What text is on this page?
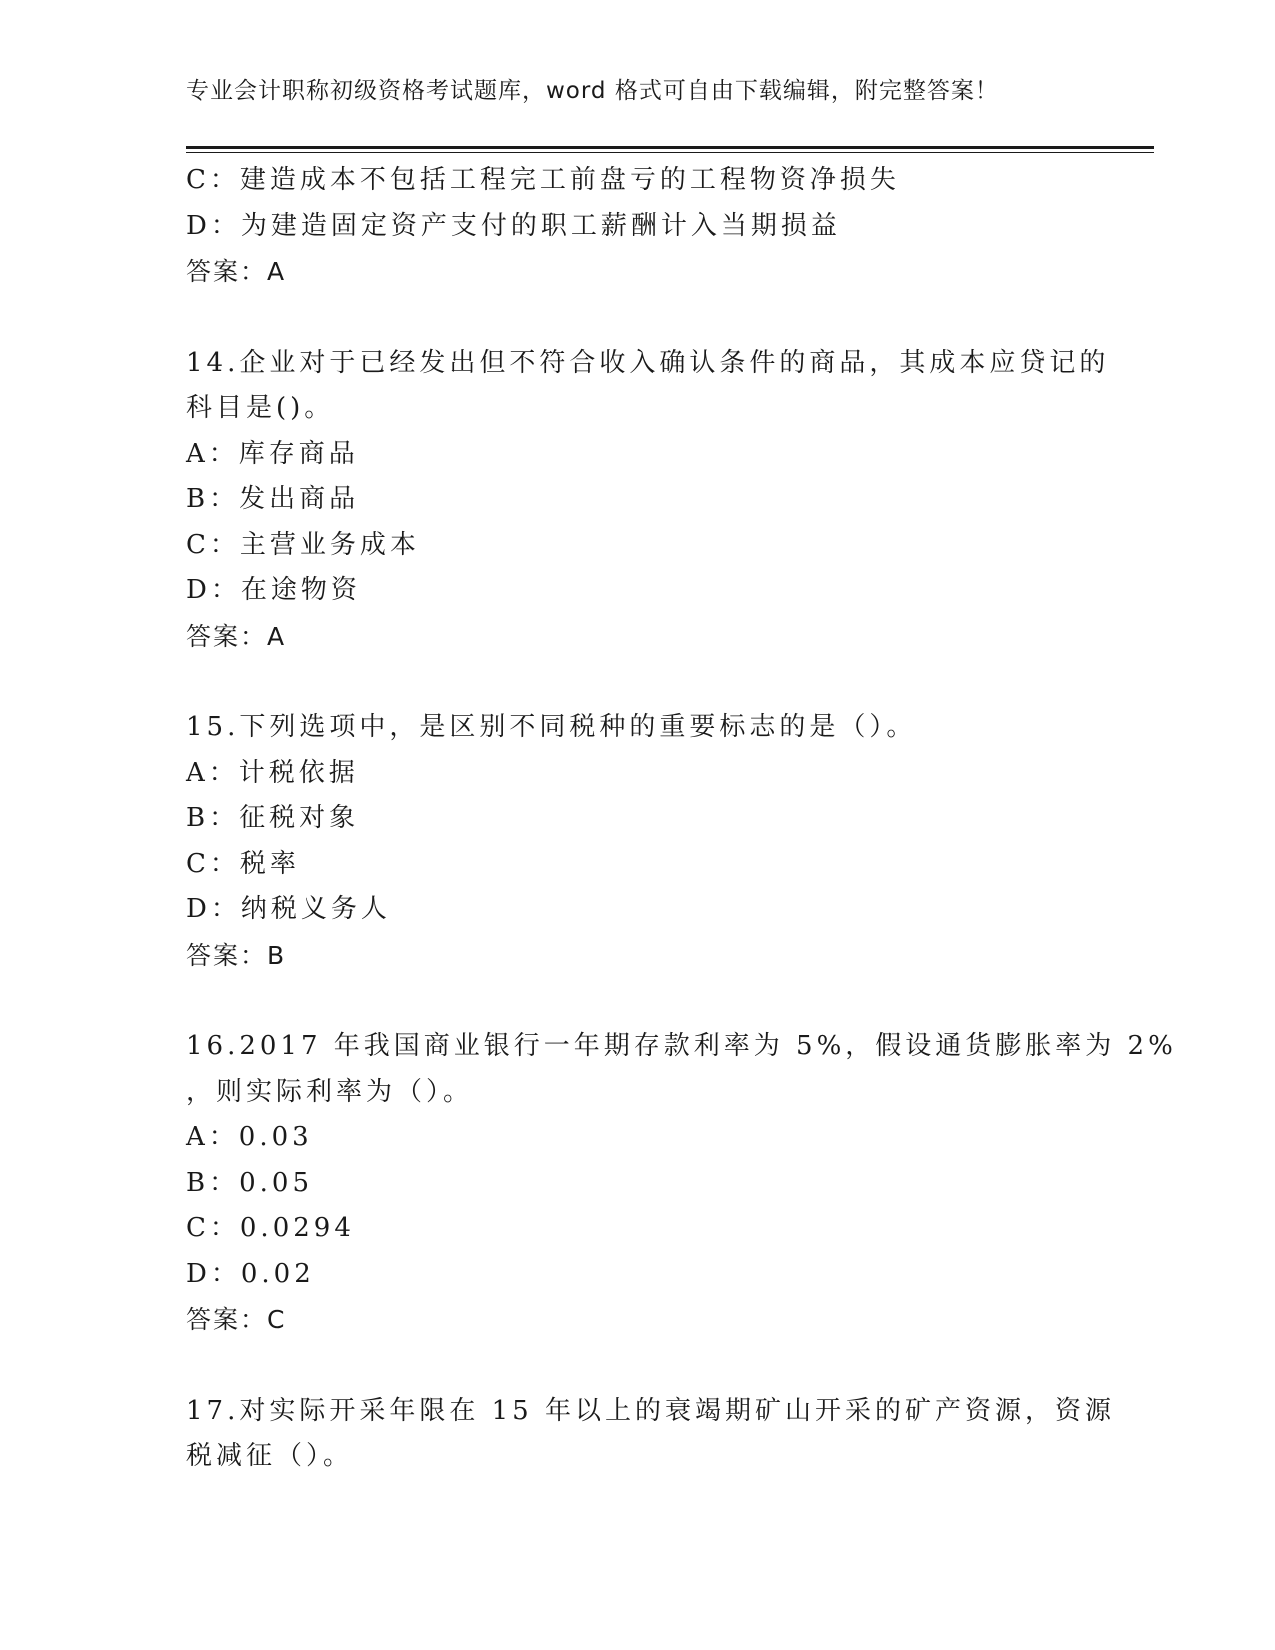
专业会计职称初级资格考试题库，word 格式可自由下载编辑，附完整答案！
C：建造成本不包括工程完工前盘亏的工程物资净损失
D：为建造固定资产支付的职工薪酬计入当期损益
答案：A
14.企业对于已经发出但不符合收入确认条件的商品，其成本应贷记的
科目是()。
A：库存商品
B：发出商品
C：主营业务成本
D：在途物资
答案：A
15.下列选项中，是区别不同税种的重要标志的是（）。
A：计税依据
B：征税对象
C：税率
D：纳税义务人
答案：B
16.2017 年我国商业银行一年期存款利率为 5%，假设通货膨胀率为 2%
，则实际利率为（）。
A：0.03
B：0.05
C：0.0294
D：0.02
答案：C
17.对实际开采年限在 15 年以上的衰竭期矿山开采的矿产资源，资源
税减征（）。
